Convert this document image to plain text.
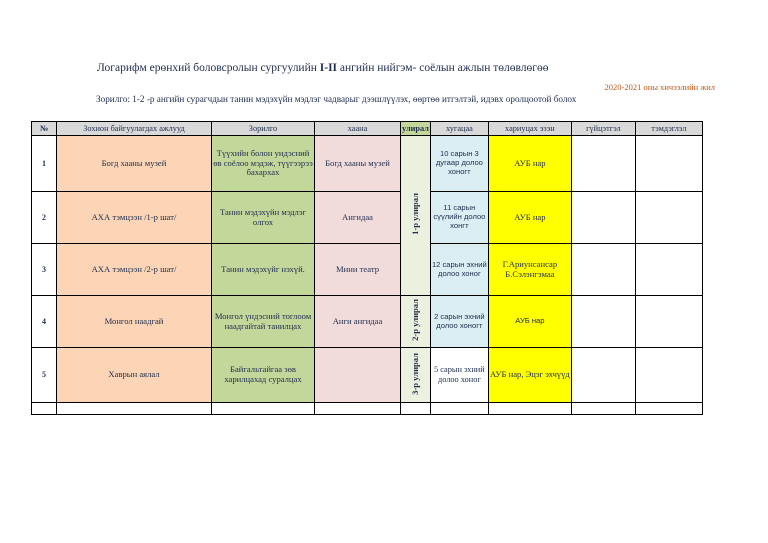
Логарифм ерөнхий боловсролын сургуулийн I-II ангийн нийгэм- соёлын ажлын төлөвлөгөө
2020-2021 оны хичээлийн жил
Зорилго: 1-2 -р ангийн сурагчдын танин мэдэхүйн мэдлэг чадварыг дээшлүүлэх, өөртөө итгэлтэй, идэвх оролцоотой болох
№	Зохион байгуулагдах ажлууд	Зорилго	хаана	улирал	хугацаа	хариуцах эзэн	гүйцэтгэл	тэмдэглэл
1	Богд хааны музей	Түүхийн болон уидэсний өв соёлоо мэдэж, түүгээрээ бахархах	Богд хааны музей	1-р улирал	10 сарын 3 дугаар долоо хоногт	АУБ нар		
2	АХА тэмцээн /1-р шат/	Танин мэдэхүйн мэдлэг олгох	Ангидаа		11 сарын сүүлийн долоо хонгт	АУБ нар		
3	АХА тэмцээн /2-р шат/	Танин мэдэхүйг нэхүй.	Мини театр		12 сарын эхний долоо хоног	Г.Ариунсансар Б.Сэлэнгэмаа		
4	Монгол наадгай	Монгол үндэсний тоглоом наадгайтай танилцах	Анги ангидаа	2-р улирал	2 сарын эхний долоо хоногт	АУБ нар		
5	Хаврын аялал	Байгальтайгаа зөв харилцахад суралцах		3-р улирал	5 сарын эхний долоо хоног	АУБ нар, Эцэг эхчүүд		
